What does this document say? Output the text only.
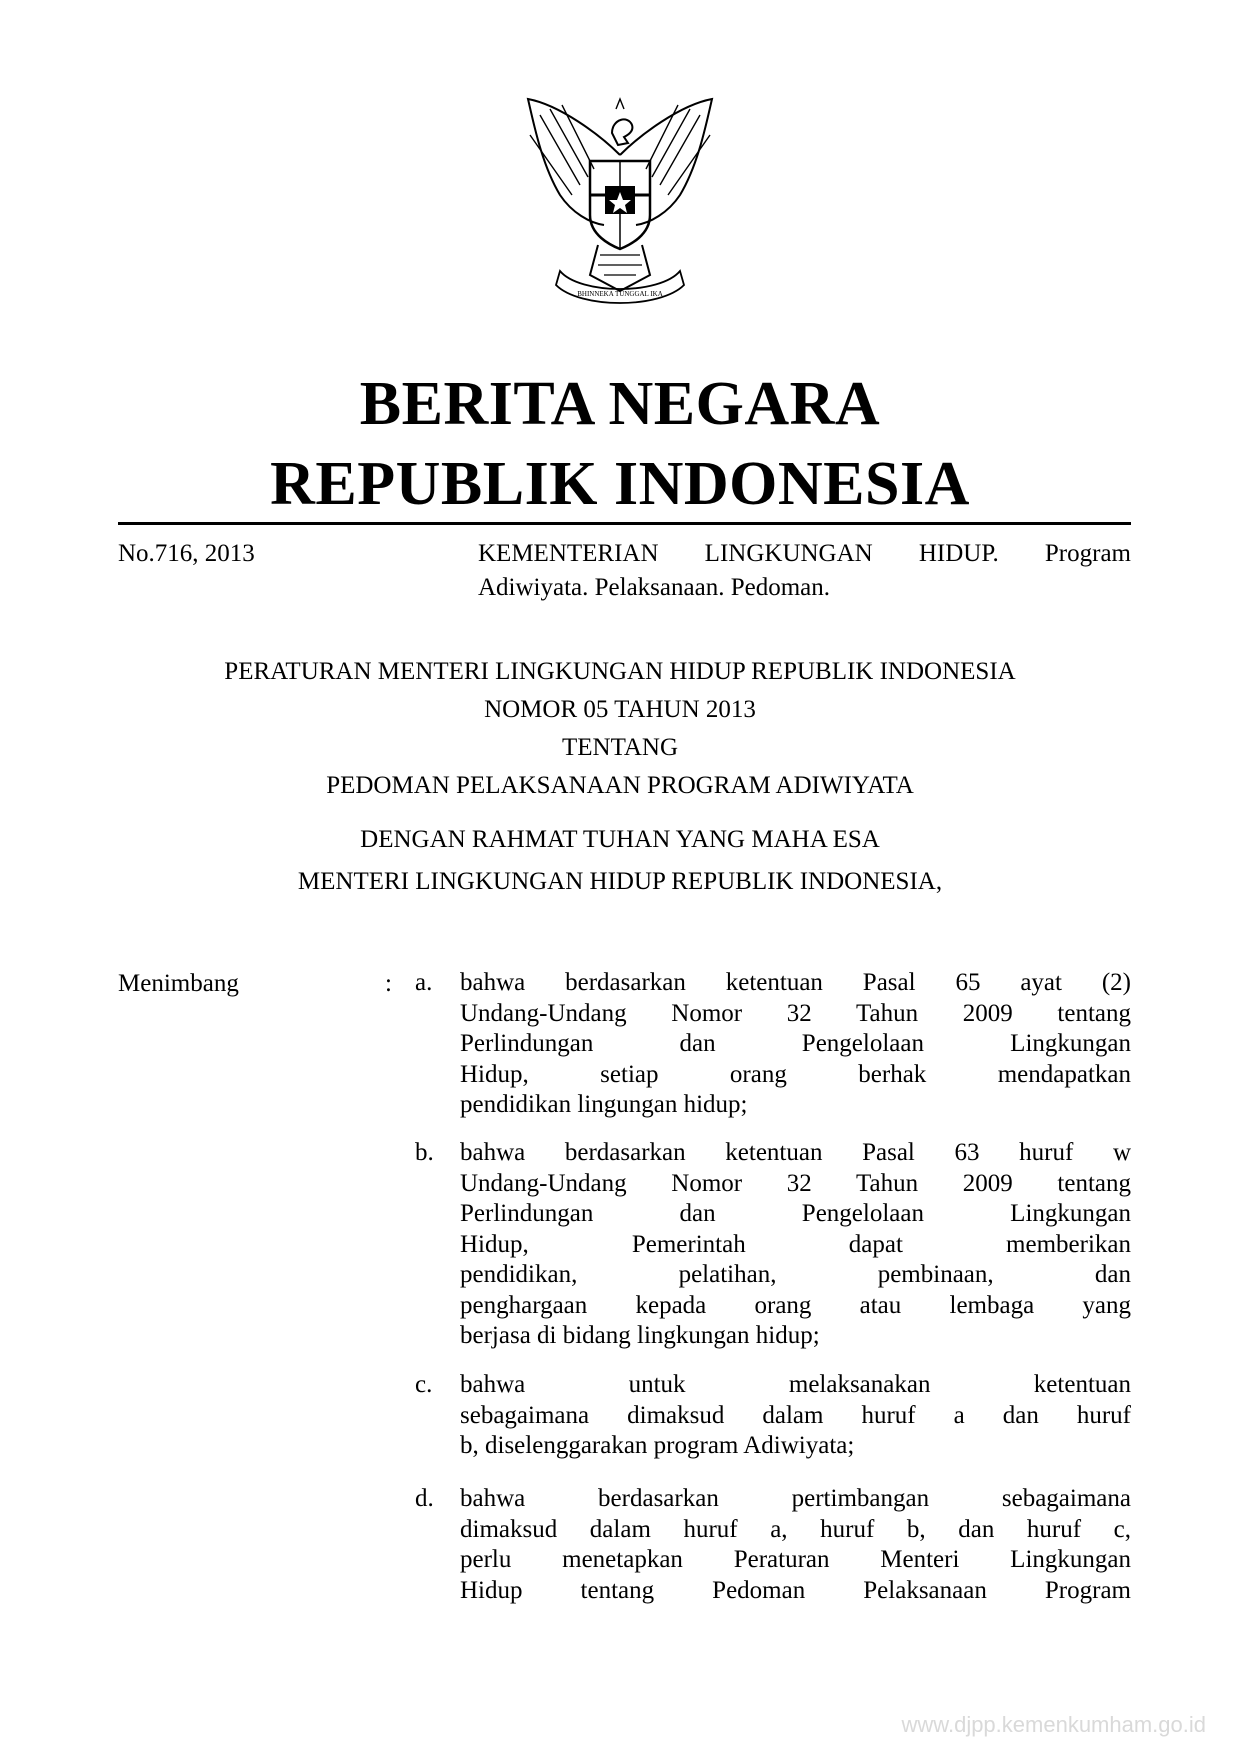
BHINNEKA TUNGGAL IKA
BERITA NEGARA
REPUBLIK INDONESIA
No.716, 2013	KEMENTERIAN LINGKUNGAN HIDUP. Program
Adiwiyata. Pelaksanaan. Pedoman.
PERATURAN MENTERI LINGKUNGAN HIDUP REPUBLIK INDONESIA
NOMOR 05 TAHUN 2013
TENTANG
PEDOMAN PELAKSANAAN PROGRAM ADIWIYATA
DENGAN RAHMAT TUHAN YANG MAHA ESA
MENTERI LINGKUNGAN HIDUP REPUBLIK INDONESIA,
Menimbang	: a.	bahwa berdasarkan ketentuan Pasal 65 ayat (2)
Undang-Undang Nomor 32 Tahun 2009 tentang
Perlindungan dan Pengelolaan Lingkungan
Hidup, setiap orang berhak mendapatkan
pendidikan lingungan hidup;
b.	bahwa berdasarkan ketentuan Pasal 63 huruf w
Undang-Undang Nomor 32 Tahun 2009 tentang
Perlindungan dan Pengelolaan Lingkungan
Hidup, Pemerintah dapat memberikan
pendidikan, pelatihan, pembinaan, dan
penghargaan kepada orang atau lembaga yang
berjasa di bidang lingkungan hidup;
c.	bahwa untuk melaksanakan ketentuan
sebagaimana dimaksud dalam huruf a dan huruf
b, diselenggarakan program Adiwiyata;
d.	bahwa berdasarkan pertimbangan sebagaimana
dimaksud dalam huruf a, huruf b, dan huruf c,
perlu menetapkan Peraturan Menteri Lingkungan
Hidup tentang Pedoman Pelaksanaan Program
www.djpp.kemenkumham.go.id
